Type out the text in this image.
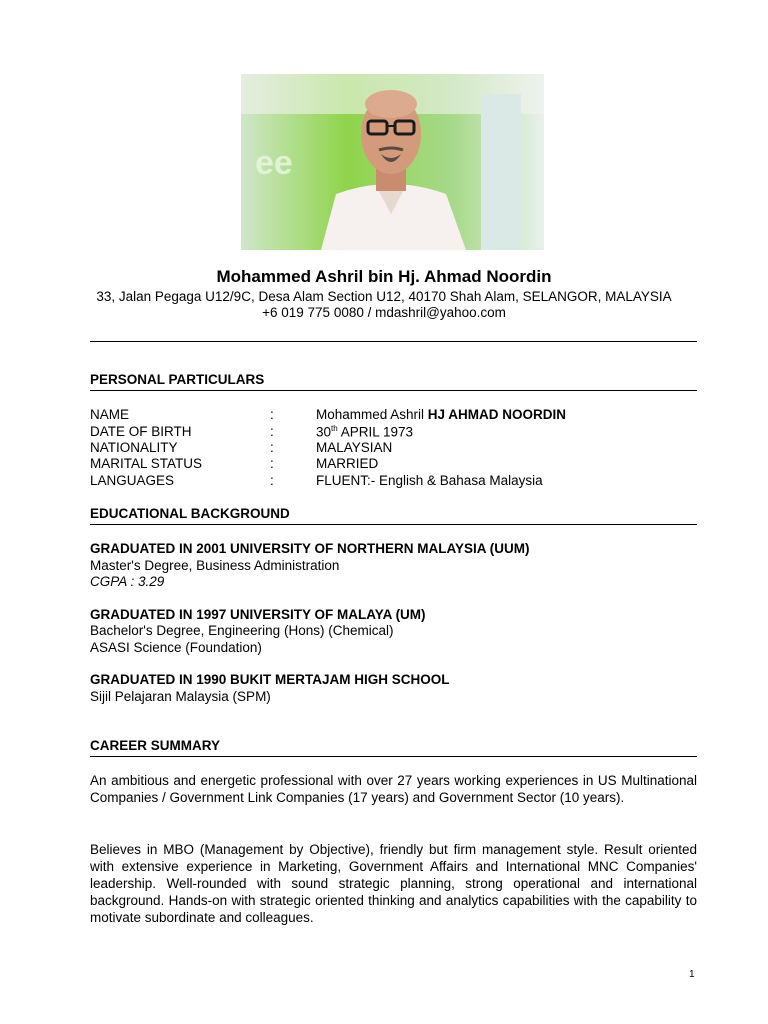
ee
Mohammed Ashril bin Hj. Ahmad Noordin
33, Jalan Pegaga U12/9C, Desa Alam Section U12, 40170 Shah Alam, SELANGOR, MALAYSIA
+6 019 775 0080 / mdashril@yahoo.com
PERSONAL PARTICULARS
NAME	:	Mohammed Ashril HJ AHMAD NOORDIN
DATE OF BIRTH	:	30th APRIL 1973
NATIONALITY	:	MALAYSIAN
MARITAL STATUS	:	MARRIED
LANGUAGES	:	FLUENT:- English & Bahasa Malaysia
EDUCATIONAL BACKGROUND
GRADUATED IN 2001 UNIVERSITY OF NORTHERN MALAYSIA (UUM)
Master's Degree, Business Administration
CGPA : 3.29
GRADUATED IN 1997 UNIVERSITY OF MALAYA (UM)
Bachelor's Degree, Engineering (Hons) (Chemical)
ASASI Science (Foundation)
GRADUATED IN 1990 BUKIT MERTAJAM HIGH SCHOOL
Sijil Pelajaran Malaysia (SPM)
CAREER SUMMARY
An ambitious and energetic professional with over 27 years working experiences in US Multinational Companies / Government Link Companies (17 years) and Government Sector (10 years).
Believes in MBO (Management by Objective), friendly but firm management style. Result oriented with extensive experience in Marketing, Government Affairs and International MNC Companies' leadership. Well-rounded with sound strategic planning, strong operational and international background. Hands-on with strategic oriented thinking and analytics capabilities with the capability to motivate subordinate and colleagues.
1
